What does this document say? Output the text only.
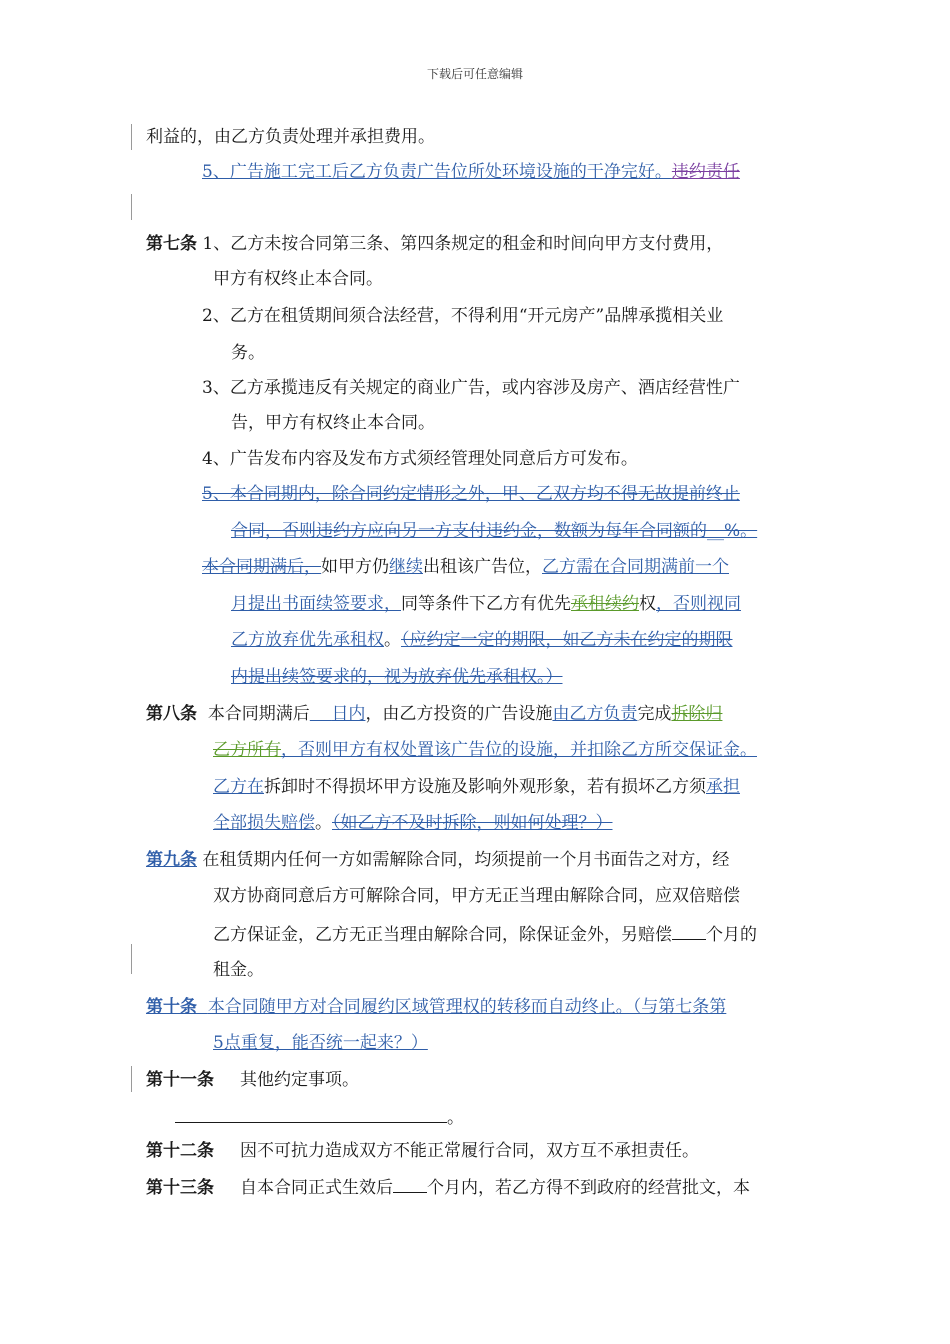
下载后可任意编辑
利益的，由乙方负责处理并承担费用。
5、广告施工完工后乙方负责广告位所处环境设施的干净完好。违约责任
第七条 1、乙方未按合同第三条、第四条规定的租金和时间向甲方支付费用，
甲方有权终止本合同。
2、乙方在租赁期间须合法经营，不得利用“开元房产”品牌承揽相关业
务。
3、乙方承揽违反有关规定的商业广告，或内容涉及房产、酒店经营性广
告，甲方有权终止本合同。
4、广告发布内容及发布方式须经管理处同意后方可发布。
5、本合同期内，除合同约定情形之外，甲、乙双方均不得无故提前终止
合同，否则违约方应向另一方支付违约金，数额为每年合同额的__%。
本合同期满后，如甲方仍继续出租该广告位，乙方需在合同期满前一个
月提出书面续签要求，同等条件下乙方有优先承租续约权，否则视同
乙方放弃优先承租权。（应约定一定的期限，如乙方未在约定的期限
内提出续签要求的，视为放弃优先承租权。）
第八条 本合同期满后 日内，由乙方投资的广告设施由乙方负责完成拆除归
乙方所有，否则甲方有权处置该广告位的设施，并扣除乙方所交保证金。
乙方在拆卸时不得损坏甲方设施及影响外观形象，若有损坏乙方须承担
全部损失赔偿。（如乙方不及时拆除，则如何处理？）
第九条 在租赁期内任何一方如需解除合同，均须提前一个月书面告之对方，经
双方协商同意后方可解除合同，甲方无正当理由解除合同，应双倍赔偿
乙方保证金，乙方无正当理由解除合同，除保证金外，另赔偿 个月的
租金。
第十条 本合同随甲方对合同履约区域管理权的转移而自动终止。（与第七条第
5点重复，能否统一起来？）
第十一条 其他约定事项。
。
第十二条 因不可抗力造成双方不能正常履行合同，双方互不承担责任。
第十三条 自本合同正式生效后 个月内，若乙方得不到政府的经营批文，本
